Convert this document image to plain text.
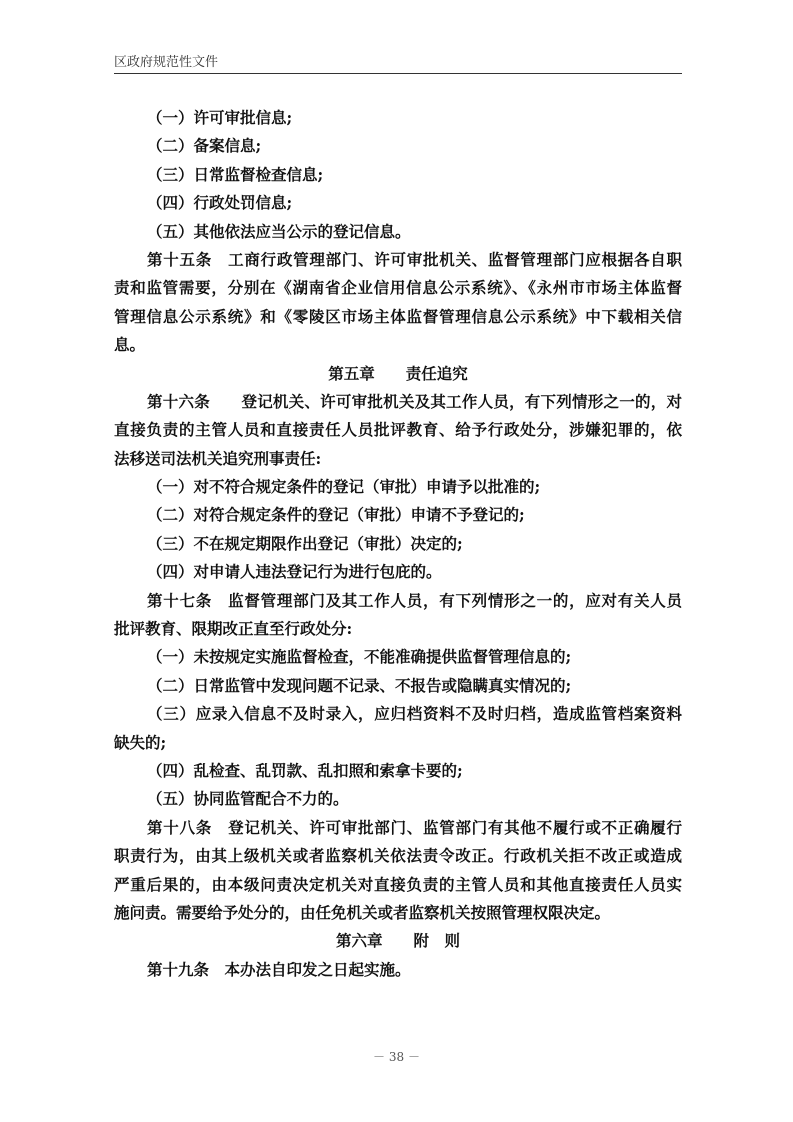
区政府规范性文件
（一）许可审批信息;
（二）备案信息;
（三）日常监督检查信息;
（四）行政处罚信息;
（五）其他依法应当公示的登记信息。
第十五条　工商行政管理部门、许可审批机关、监督管理部门应根据各自职
责和监管需要，分别在《湖南省企业信用信息公示系统》、《永州市市场主体监督
管理信息公示系统》和《零陵区市场主体监督管理信息公示系统》中下载相关信
息。
第五章　　责任追究
第十六条　　登记机关、许可审批机关及其工作人员，有下列情形之一的，对
直接负责的主管人员和直接责任人员批评教育、给予行政处分，涉嫌犯罪的，依
法移送司法机关追究刑事责任:
（一）对不符合规定条件的登记（审批）申请予以批准的;
（二）对符合规定条件的登记（审批）申请不予登记的;
（三）不在规定期限作出登记（审批）决定的;
（四）对申请人违法登记行为进行包庇的。
第十七条　监督管理部门及其工作人员，有下列情形之一的，应对有关人员
批评教育、限期改正直至行政处分:
（一）未按规定实施监督检查，不能准确提供监督管理信息的;
（二）日常监管中发现问题不记录、不报告或隐瞒真实情况的;
（三）应录入信息不及时录入，应归档资料不及时归档，造成监管档案资料
缺失的;
（四）乱检查、乱罚款、乱扣照和索拿卡要的;
（五）协同监管配合不力的。
第十八条　登记机关、许可审批部门、监管部门有其他不履行或不正确履行
职责行为，由其上级机关或者监察机关依法责令改正。行政机关拒不改正或造成
严重后果的，由本级问责决定机关对直接负责的主管人员和其他直接责任人员实
施问责。需要给予处分的，由任免机关或者监察机关按照管理权限决定。
第六章　　附　则
第十九条　本办法自印发之日起实施。
－ 38 －
